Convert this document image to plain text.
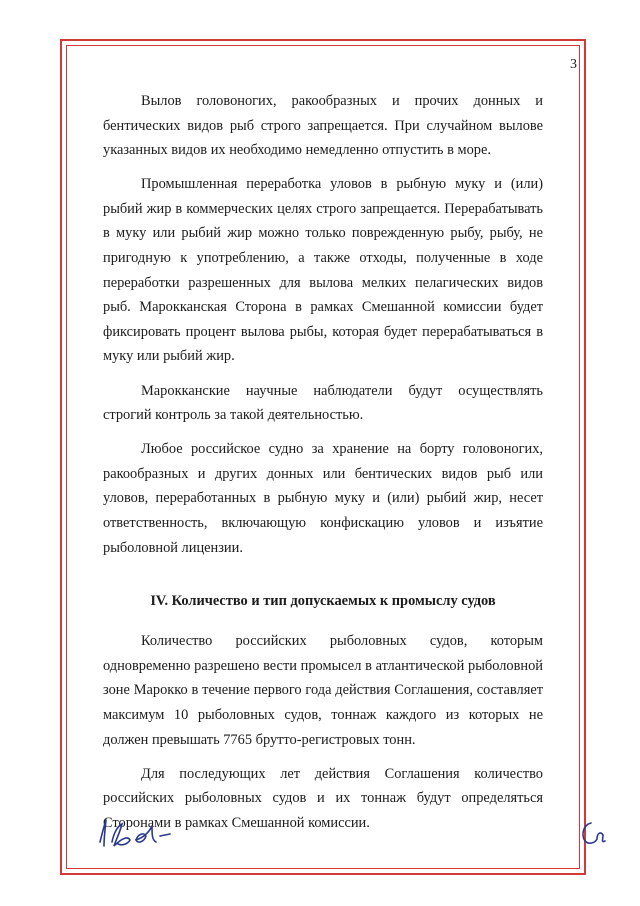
3

Вылов головоногих, ракообразных и прочих донных и бентических видов рыб строго запрещается. При случайном вылове указанных видов их необходимо немедленно отпустить в море.

Промышленная переработка уловов в рыбную муку и (или) рыбий жир в коммерческих целях строго запрещается. Перерабатывать в муку или рыбий жир можно только поврежденную рыбу, рыбу, не пригодную к употреблению, а также отходы, полученные в ходе переработки разрешенных для вылова мелких пелагических видов рыб. Марокканская Сторона в рамках Смешанной комиссии будет фиксировать процент вылова рыбы, которая будет перерабатываться в муку или рыбий жир.

Марокканские научные наблюдатели будут осуществлять строгий контроль за такой деятельностью.

Любое российское судно за хранение на борту головоногих, ракообразных и других донных или бентических видов рыб или уловов, переработанных в рыбную муку и (или) рыбий жир, несет ответственность, включающую конфискацию уловов и изъятие рыболовной лицензии.

IV. Количество и тип допускаемых к промыслу судов

Количество российских рыболовных судов, которым одновременно разрешено вести промысел в атлантической рыболовной зоне Марокко в течение первого года действия Соглашения, составляет максимум 10 рыболовных судов, тоннаж каждого из которых не должен превышать 7765 брутто-регистровых тонн.

Для последующих лет действия Соглашения количество российских рыболовных судов и их тоннаж будут определяться Сторонами в рамках Смешанной комиссии.
